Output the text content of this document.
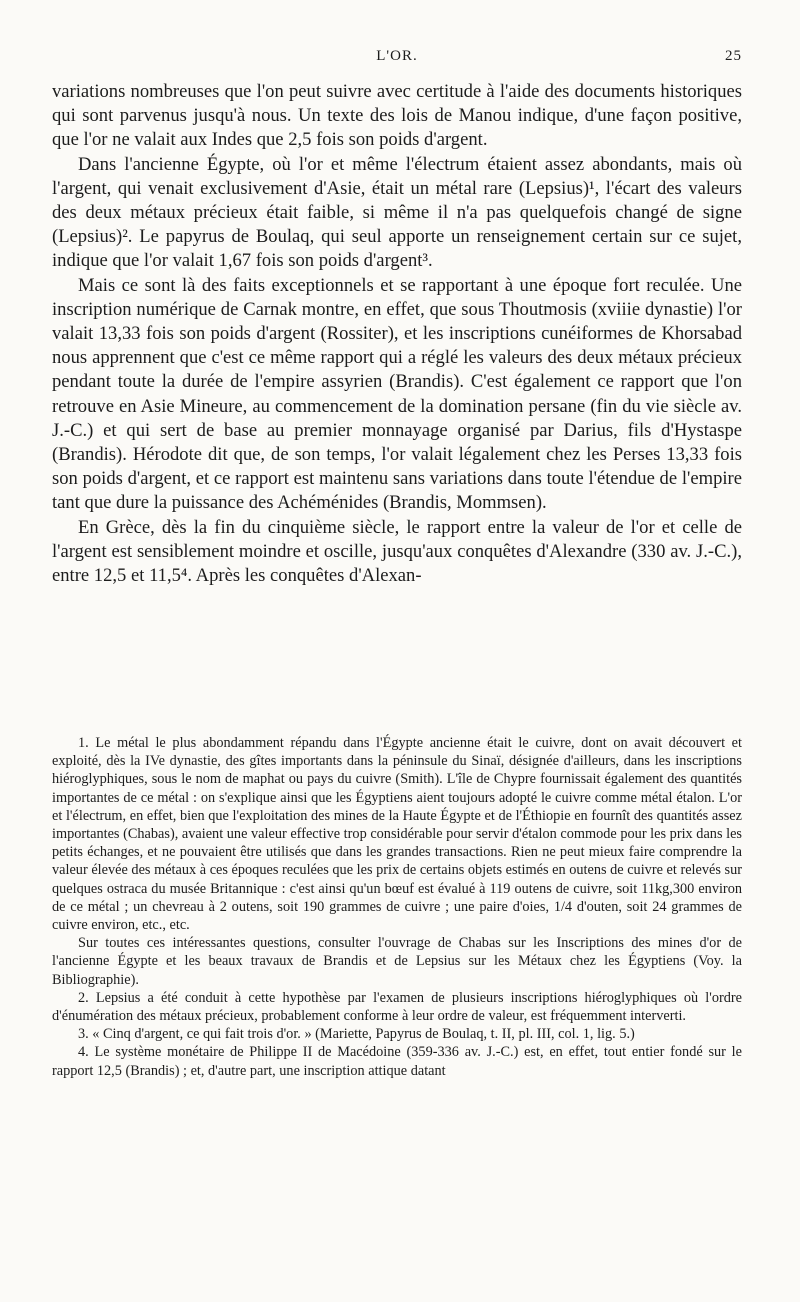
L'OR.	25

variations nombreuses que l'on peut suivre avec certitude à l'aide des documents historiques qui sont parvenus jusqu'à nous. Un texte des lois de Manou indique, d'une façon positive, que l'or ne valait aux Indes que 2,5 fois son poids d'argent.

Dans l'ancienne Égypte, où l'or et même l'électrum étaient assez abondants, mais où l'argent, qui venait exclusivement d'Asie, était un métal rare (Lepsius)¹, l'écart des valeurs des deux métaux précieux était faible, si même il n'a pas quelquefois changé de signe (Lepsius)². Le papyrus de Boulaq, qui seul apporte un renseignement certain sur ce sujet, indique que l'or valait 1,67 fois son poids d'argent³.

Mais ce sont là des faits exceptionnels et se rapportant à une époque fort reculée. Une inscription numérique de Carnak montre, en effet, que sous Thoutmosis (xviiie dynastie) l'or valait 13,33 fois son poids d'argent (Rossiter), et les inscriptions cunéiformes de Khorsabad nous apprennent que c'est ce même rapport qui a réglé les valeurs des deux métaux précieux pendant toute la durée de l'empire assyrien (Brandis). C'est également ce rapport que l'on retrouve en Asie Mineure, au commencement de la domination persane (fin du vie siècle av. J.-C.) et qui sert de base au premier monnayage organisé par Darius, fils d'Hystaspe (Brandis). Hérodote dit que, de son temps, l'or valait légalement chez les Perses 13,33 fois son poids d'argent, et ce rapport est maintenu sans variations dans toute l'étendue de l'empire tant que dure la puissance des Achéménides (Brandis, Mommsen).

En Grèce, dès la fin du cinquième siècle, le rapport entre la valeur de l'or et celle de l'argent est sensiblement moindre et oscille, jusqu'aux conquêtes d'Alexandre (330 av. J.-C.), entre 12,5 et 11,5⁴. Après les conquêtes d'Alexan-

1. Le métal le plus abondamment répandu dans l'Égypte ancienne était le cuivre, dont on avait découvert et exploité, dès la IVe dynastie, des gîtes importants dans la péninsule du Sinaï, désignée d'ailleurs, dans les inscriptions hiéroglyphiques, sous le nom de maphat ou pays du cuivre (Smith). L'île de Chypre fournissait également des quantités importantes de ce métal : on s'explique ainsi que les Égyptiens aient toujours adopté le cuivre comme métal étalon. L'or et l'électrum, en effet, bien que l'exploitation des mines de la Haute Égypte et de l'Éthiopie en fournît des quantités assez importantes (Chabas), avaient une valeur effective trop considérable pour servir d'étalon commode pour les prix dans les petits échanges, et ne pouvaient être utilisés que dans les grandes transactions. Rien ne peut mieux faire comprendre la valeur élevée des métaux à ces époques reculées que les prix de certains objets estimés en outens de cuivre et relevés sur quelques ostraca du musée Britannique : c'est ainsi qu'un bœuf est évalué à 119 outens de cuivre, soit 11kg,300 environ de ce métal ; un chevreau à 2 outens, soit 190 grammes de cuivre ; une paire d'oies, 1/4 d'outen, soit 24 grammes de cuivre environ, etc., etc.

Sur toutes ces intéressantes questions, consulter l'ouvrage de Chabas sur les Inscriptions des mines d'or de l'ancienne Égypte et les beaux travaux de Brandis et de Lepsius sur les Métaux chez les Égyptiens (Voy. la Bibliographie).

2. Lepsius a été conduit à cette hypothèse par l'examen de plusieurs inscriptions hiéroglyphiques où l'ordre d'énumération des métaux précieux, probablement conforme à leur ordre de valeur, est fréquemment interverti.

3. « Cinq d'argent, ce qui fait trois d'or. » (Mariette, Papyrus de Boulaq, t. II, pl. III, col. 1, lig. 5.)

4. Le système monétaire de Philippe II de Macédoine (359-336 av. J.-C.) est, en effet, tout entier fondé sur le rapport 12,5 (Brandis) ; et, d'autre part, une inscription attique datant
